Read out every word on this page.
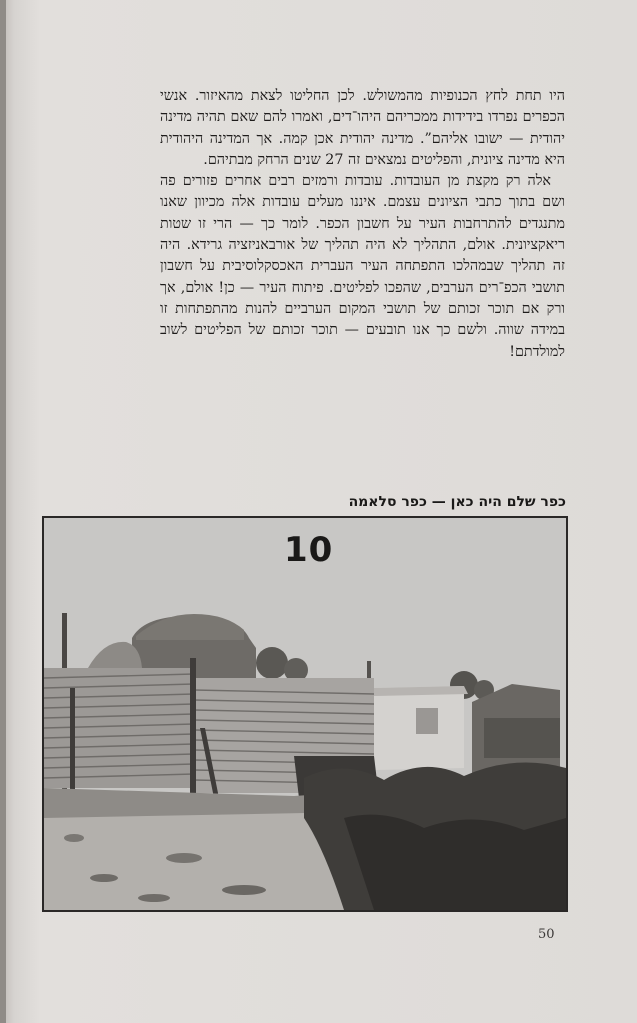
היו תחת לחץ הכנופיות מהמשולש. לכן החליטו לצאת מהאיזור. אנשי הכפרים נפרדו בידידות ממכריהם היהו־דים, ואמרו להם שאם תהיה מדינה יהודית — ישובו אליהם”. מדינה יהודית אכן קמה. אך המדינה היהודית היא מדינה ציונית, והפליטים נמצאים זה 27 שנים הרחק מבתיהם.

אלה רק מקצת מן העובדות. עובדות ורמזים רבים אחרים פזורים פה ושם בתוך כתבי הציונים עצמם. איננו מעלים עובדות אלה מכיוון שאנו מתנגדים להתרחבות העיר על חשבון הכפר. לומר כך — הרי זו שטות ריאקציונית. אולם, התהליך לא היה תהליך של אורבאניזציה גרידא. היה זה תהליך שבמהלכו התפתחה העיר העברית האכסקלוסיבית על חשבון תושבי הכפ־רים הערבים, שהפכו לפליטים. פיתוח העיר — כן! אולם, אך ורק אם תוכר זכותם של תושבי המקום הערביים להנות מהתפתחות זו במידה שווה. ולשם כך אנו תובעים — תוכר זכותם של הפליטים לשוב למולדתם!

כפר שלם היה כאן — כפר סלאמה
10
50
